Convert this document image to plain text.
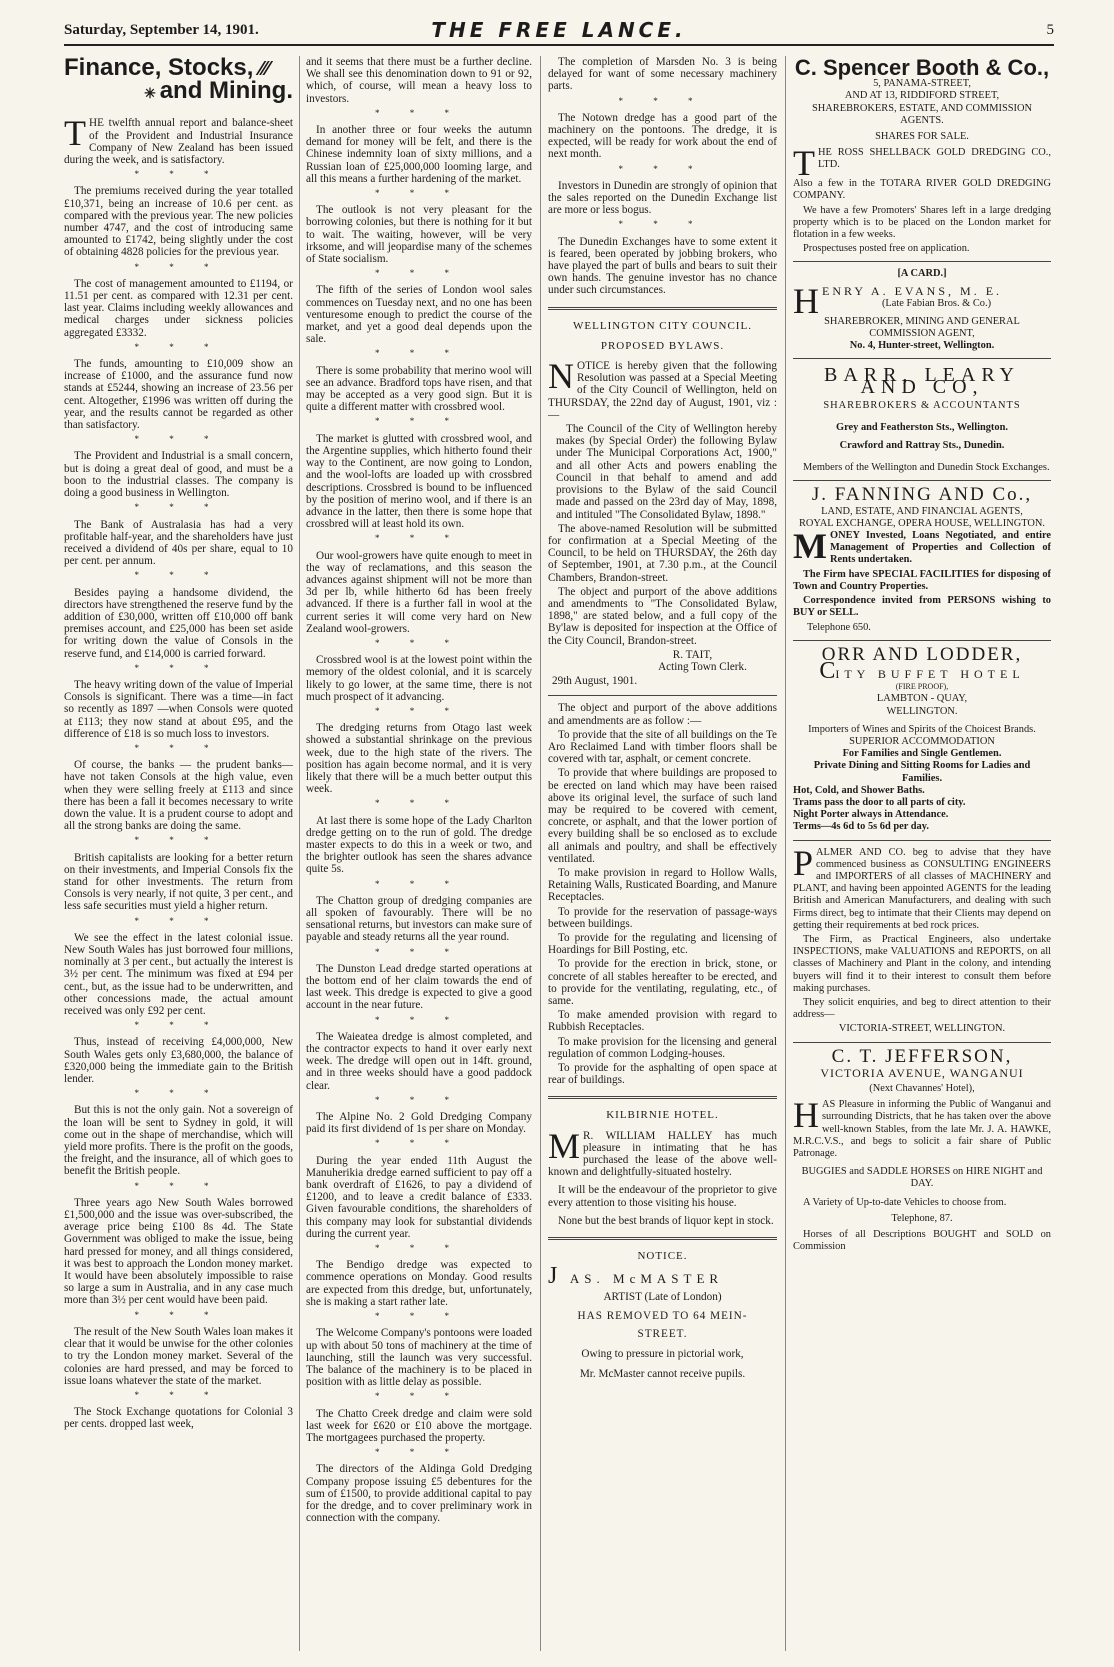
Saturday, September 14, 1901.	THE FREE LANCE.	5
Finance, Stocks, ⁄⁄⁄
✳ and Mining.

THE twelfth annual report and balance-sheet of the Provident and Industrial Insurance Company of New Zealand has been issued during the week, and is satisfactory.

* * *

The premiums received during the year totalled £10,371, being an increase of 10.6 per cent. as compared with the previous year. The new policies number 4747, and the cost of introducing same amounted to £1742, being slightly under the cost of obtaining 4828 policies for the previous year.

* * *

The cost of management amounted to £1194, or 11.51 per cent. as compared with 12.31 per cent. last year. Claims including weekly allowances and medical charges under sickness policies aggregated £3332.

* * *

The funds, amounting to £10,009 show an increase of £1000, and the assurance fund now stands at £5244, showing an increase of 23.56 per cent. Altogether, £1996 was written off during the year, and the results cannot be regarded as other than satisfactory.

* * *

The Provident and Industrial is a small concern, but is doing a great deal of good, and must be a boon to the industrial classes. The company is doing a good business in Wellington.

* * *

The Bank of Australasia has had a very profitable half-year, and the shareholders have just received a dividend of 40s per share, equal to 10 per cent. per annum.

* * *

Besides paying a handsome dividend, the directors have strengthened the reserve fund by the addition of £30,000, written off £10,000 off bank premises account, and £25,000 has been set aside for writing down the value of Consols in the reserve fund, and £14,000 is carried forward.

* * *

The heavy writing down of the value of Imperial Consols is significant. There was a time—in fact so recently as 1897 —when Consols were quoted at £113; they now stand at about £95, and the difference of £18 is so much loss to investors.

* * *

Of course, the banks — the prudent banks—have not taken Consols at the high value, even when they were selling freely at £113 and since there has been a fall it becomes necessary to write down the value. It is a prudent course to adopt and all the strong banks are doing the same.

* * *

British capitalists are looking for a better return on their investments, and Imperial Consols fix the stand for other investments. The return from Consols is very nearly, if not quite, 3 per cent., and less safe securities must yield a higher return.

* * *

We see the effect in the latest colonial issue. New South Wales has just borrowed four millions, nominally at 3 per cent., but actually the interest is 3½ per cent. The minimum was fixed at £94 per cent., but, as the issue had to be underwritten, and other concessions made, the actual amount received was only £92 per cent.

* * *

Thus, instead of receiving £4,000,000, New South Wales gets only £3,680,000, the balance of £320,000 being the immediate gain to the British lender.

* * *

But this is not the only gain. Not a sovereign of the loan will be sent to Sydney in gold, it will come out in the shape of merchandise, which will yield more profits. There is the profit on the goods, the freight, and the insurance, all of which goes to benefit the British people.

* * *

Three years ago New South Wales borrowed £1,500,000 and the issue was over-subscribed, the average price being £100 8s 4d. The State Government was obliged to make the issue, being hard pressed for money, and all things considered, it was best to approach the London money market. It would have been absolutely impossible to raise so large a sum in Australia, and in any case much more than 3½ per cent would have been paid.

* * *

The result of the New South Wales loan makes it clear that it would be unwise for the other colonies to try the London money market. Several of the colonies are hard pressed, and may be forced to issue loans whatever the state of the market.

* * *

The Stock Exchange quotations for Colonial 3 per cents. dropped last week,

and it seems that there must be a further decline. We shall see this denomination down to 91 or 92, which, of course, will mean a heavy loss to investors.

* * *

In another three or four weeks the autumn demand for money will be felt, and there is the Chinese indemnity loan of sixty millions, and a Russian loan of £25,000,000 looming large, and all this means a further hardening of the market.

* * *

The outlook is not very pleasant for the borrowing colonies, but there is nothing for it but to wait. The waiting, however, will be very irksome, and will jeopardise many of the schemes of State socialism.

* * *

The fifth of the series of London wool sales commences on Tuesday next, and no one has been venturesome enough to predict the course of the market, and yet a good deal depends upon the sale.

* * *

There is some probability that merino wool will see an advance. Bradford tops have risen, and that may be accepted as a very good sign. But it is quite a different matter with crossbred wool.

* * *

The market is glutted with crossbred wool, and the Argentine supplies, which hitherto found their way to the Continent, are now going to London, and the wool-lofts are loaded up with crossbred descriptions. Crossbred is bound to be influenced by the position of merino wool, and if there is an advance in the latter, then there is some hope that crossbred will at least hold its own.

* * *

Our wool-growers have quite enough to meet in the way of reclamations, and this season the advances against shipment will not be more than 3d per lb, while hitherto 6d has been freely advanced. If there is a further fall in wool at the current series it will come very hard on New Zealand wool-growers.

* * *

Crossbred wool is at the lowest point within the memory of the oldest colonial, and it is scarcely likely to go lower, at the same time, there is not much prospect of it advancing.

* * *

The dredging returns from Otago last week showed a substantial shrinkage on the previous week, due to the high state of the rivers. The position has again become normal, and it is very likely that there will be a much better output this week.

* * *

At last there is some hope of the Lady Charlton dredge getting on to the run of gold. The dredge master expects to do this in a week or two, and the brighter outlook has seen the shares advance quite 5s.

* * *

The Chatton group of dredging companies are all spoken of favourably. There will be no sensational returns, but investors can make sure of payable and steady returns all the year round.

* * *

The Dunston Lead dredge started operations at the bottom end of her claim towards the end of last week. This dredge is expected to give a good account in the near future.

* * *

The Waieatea dredge is almost completed, and the contractor expects to hand it over early next week. The dredge will open out in 14ft. ground, and in three weeks should have a good paddock clear.

* * *

The Alpine No. 2 Gold Dredging Company paid its first dividend of 1s per share on Monday.

* * *

During the year ended 11th August the Manuherikia dredge earned sufficient to pay off a bank overdraft of £1626, to pay a dividend of £1200, and to leave a credit balance of £333. Given favourable conditions, the shareholders of this company may look for substantial dividends during the current year.

* * *

The Bendigo dredge was expected to commence operations on Monday. Good results are expected from this dredge, but, unfortunately, she is making a start rather late.

* * *

The Welcome Company's pontoons were loaded up with about 50 tons of machinery at the time of launching, still the launch was very successful. The balance of the machinery is to be placed in position with as little delay as possible.

* * *

The Chatto Creek dredge and claim were sold last week for £620 or £10 above the mortgage. The mortgagees purchased the property.

* * *

The directors of the Aldinga Gold Dredging Company propose issuing £5 debentures for the sum of £1500, to provide additional capital to pay for the dredge, and to cover preliminary work in connection with the company.

The completion of Marsden No. 3 is being delayed for want of some necessary machinery parts.

* * *

The Notown dredge has a good part of the machinery on the pontoons. The dredge, it is expected, will be ready for work about the end of next month.

* * *

Investors in Dunedin are strongly of opinion that the sales reported on the Dunedin Exchange list are more or less bogus.

* * *

The Dunedin Exchanges have to some extent it is feared, been operated by jobbing brokers, who have played the part of bulls and bears to suit their own hands. The genuine investor has no chance under such circumstances.

WELLINGTON CITY COUNCIL.
PROPOSED BYLAWS.

NOTICE is hereby given that the following Resolution was passed at a Special Meeting of the City Council of Wellington, held on THURSDAY, the 22nd day of August, 1901, viz :—

The Council of the City of Wellington hereby makes (by Special Order) the following Bylaw under The Municipal Corporations Act, 1900," and all other Acts and powers enabling the Council in that behalf to amend and add provisions to the Bylaw of the said Council made and passed on the 23rd day of May, 1898, and intituled "The Consolidated Bylaw, 1898."

The above-named Resolution will be submitted for confirmation at a Special Meeting of the Council, to be held on THURSDAY, the 26th day of September, 1901, at 7.30 p.m., at the Council Chambers, Brandon-street.

The object and purport of the above additions and amendments to "The Consolidated Bylaw, 1898," are stated below, and a full copy of the By'law is deposited for inspection at the Office of the City Council, Brandon-street.

R. TAIT,
Acting Town Clerk.
29th August, 1901.

The object and purport of the above additions and amendments are as follow :—

To provide that the site of all buildings on the Te Aro Reclaimed Land with timber floors shall be covered with tar, asphalt, or cement concrete.

To provide that where buildings are proposed to be erected on land which may have been raised above its original level, the surface of such land may be required to be covered with cement, concrete, or asphalt, and that the lower portion of every building shall be so enclosed as to exclude all animals and poultry, and shall be effectively ventilated.

To make provision in regard to Hollow Walls, Retaining Walls, Rusticated Boarding, and Manure Receptacles.

To provide for the reservation of passage-ways between buildings.

To provide for the regulating and licensing of Hoardings for Bill Posting, etc.

To provide for the erection in brick, stone, or concrete of all stables hereafter to be erected, and to provide for the ventilating, regulating, etc., of same.

To make amended provision with regard to Rubbish Receptacles.

To make provision for the licensing and general regulation of common Lodging-houses.

To provide for the asphalting of open space at rear of buildings.

KILBIRNIE HOTEL.

M R. WILLIAM HALLEY has much pleasure in intimating that he has purchased the lease of the above well-known and delightfully-situated hostelry.

It will be the endeavour of the proprietor to give every attention to those visiting his house.

None but the best brands of liquor kept in stock.

NOTICE.
J AS. McMASTER
ARTIST (Late of London)
HAS REMOVED TO 64 MEIN-
STREET.
Owing to pressure in pictorial work,
Mr. McMaster cannot receive pupils.
C. Spencer Booth & Co.,
5, PANAMA-STREET,
AND AT 13, RIDDIFORD STREET,
SHAREBROKERS, ESTATE, AND COMMISSION AGENTS.
SHARES FOR SALE.

THE ROSS SHELLBACK GOLD DREDGING CO., LTD.

Also a few in the TOTARA RIVER GOLD DREDGING COMPANY.

We have a few Promoters' Shares left in a large dredging property which is to be placed on the London market for flotation in a few weeks.

Prospectuses posted free on application.

[A CARD.]
HENRY A. EVANS, M. E.
(Late Fabian Bros. & Co.)
SHAREBROKER, MINING AND GENERAL COMMISSION AGENT,
No. 4, Hunter-street, Wellington.
BARR, LEARY AND CO,
SHAREBROKERS & ACCOUNTANTS
Grey and Featherston Sts., Wellington.
Crawford and Rattray Sts., Dunedin.

Members of the Wellington and Dunedin Stock Exchanges.

J. FANNING AND Co.,
LAND, ESTATE, AND FINANCIAL AGENTS,
ROYAL EXCHANGE, OPERA HOUSE, WELLINGTON.

MONEY Invested, Loans Negotiated, and entire Management of Properties and Collection of Rents undertaken.

The Firm have SPECIAL FACILITIES for disposing of Town and Country Properties.

Correspondence invited from PERSONS wishing to BUY or SELL.

Telephone 650.
ORR AND LODDER,
CITY BUFFET HOTEL
(FIRE PROOF),
LAMBTON - QUAY,
WELLINGTON.
Importers of Wines and Spirits of the Choicest Brands.
SUPERIOR ACCOMMODATION
For Families and Single Gentlemen.
Private Dining and Sitting Rooms for Ladies and Families.
Hot, Cold, and Shower Baths.
Trams pass the door to all parts of city.
Night Porter always in Attendance.
Terms—4s 6d to 5s 6d per day.

PALMER AND CO. beg to advise that they have commenced business as CONSULTING ENGINEERS and IMPORTERS of all classes of MACHINERY and PLANT, and having been appointed AGENTS for the leading British and American Manufacturers, and dealing with such Firms direct, beg to intimate that their Clients may depend on getting their requirements at bed rock prices.

The Firm, as Practical Engineers, also undertake INSPECTIONS, make VALUATIONS and REPORTS, on all classes of Machinery and Plant in the colony, and intending buyers will find it to their interest to consult them before making purchases.

They solicit enquiries, and beg to direct attention to their address—

VICTORIA-STREET, WELLINGTON.
C. T. JEFFERSON,
VICTORIA AVENUE, WANGANUI
(Next Chavannes' Hotel),

HAS Pleasure in informing the Public of Wanganui and surrounding Districts, that he has taken over the above well-known Stables, from the late Mr. J. A. HAWKE, M.R.C.V.S., and begs to solicit a fair share of Public Patronage.

BUGGIES and SADDLE HORSES on HIRE NIGHT and DAY.

A Variety of Up-to-date Vehicles to choose from.

Telephone, 87.

Horses of all Descriptions BOUGHT and SOLD on Commission
